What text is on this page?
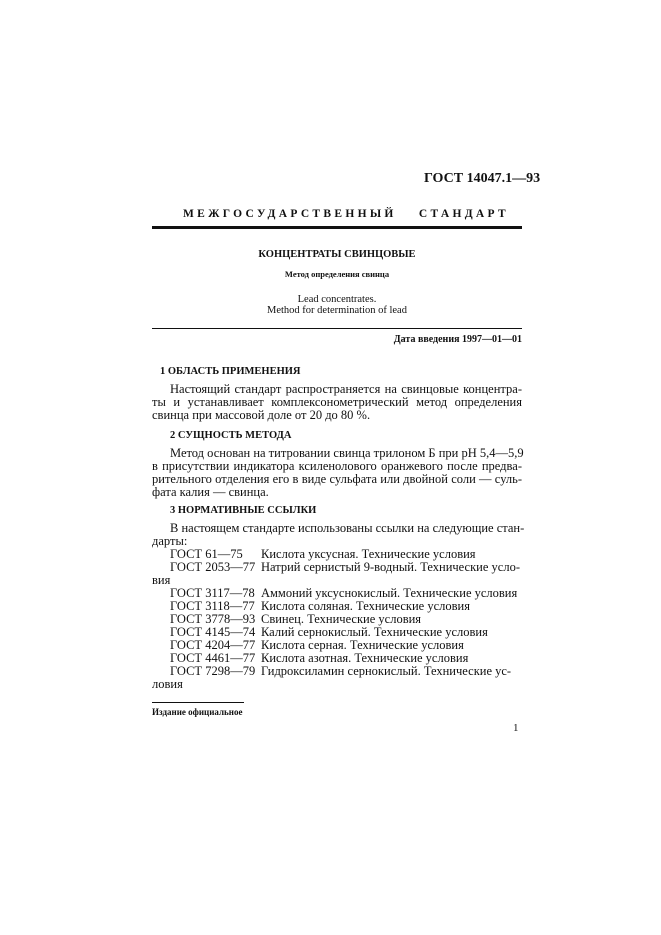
ГОСТ 14047.1—93
МЕЖГОСУДАРСТВЕННЫЙ СТАНДАРТ
КОНЦЕНТРАТЫ СВИНЦОВЫЕ
Метод определения свинца
Lead concentrates.
Method for determination of lead
Дата введения 1997—01—01
1 ОБЛАСТЬ ПРИМЕНЕНИЯ
Настоящий стандарт распространяется на свинцовые концентра-
ты и устанавливает комплексонометрический метод определения
свинца при массовой доле от 20 до 80 %.
2 СУЩНОСТЬ МЕТОДА
Метод основан на титровании свинца трилоном Б при pH 5,4—5,9
в присутствии индикатора ксиленолового оранжевого после предва-
рительного отделения его в виде сульфата или двойной соли — суль-
фата калия — свинца.
3 НОРМАТИВНЫЕ ССЫЛКИ
В настоящем стандарте использованы ссылки на следующие стан-
дарты:
ГОСТ 61—75 Кислота уксусная. Технические условия
ГОСТ 2053—77 Натрий сернистый 9-водный. Технические усло-
вия
ГОСТ 3117—78 Аммоний уксуснокислый. Технические условия
ГОСТ 3118—77 Кислота соляная. Технические условия
ГОСТ 3778—93 Свинец. Технические условия
ГОСТ 4145—74 Калий сернокислый. Технические условия
ГОСТ 4204—77 Кислота серная. Технические условия
ГОСТ 4461—77 Кислота азотная. Технические условия
ГОСТ 7298—79 Гидроксиламин сернокислый. Технические ус-
ловия
Издание официальное
1
